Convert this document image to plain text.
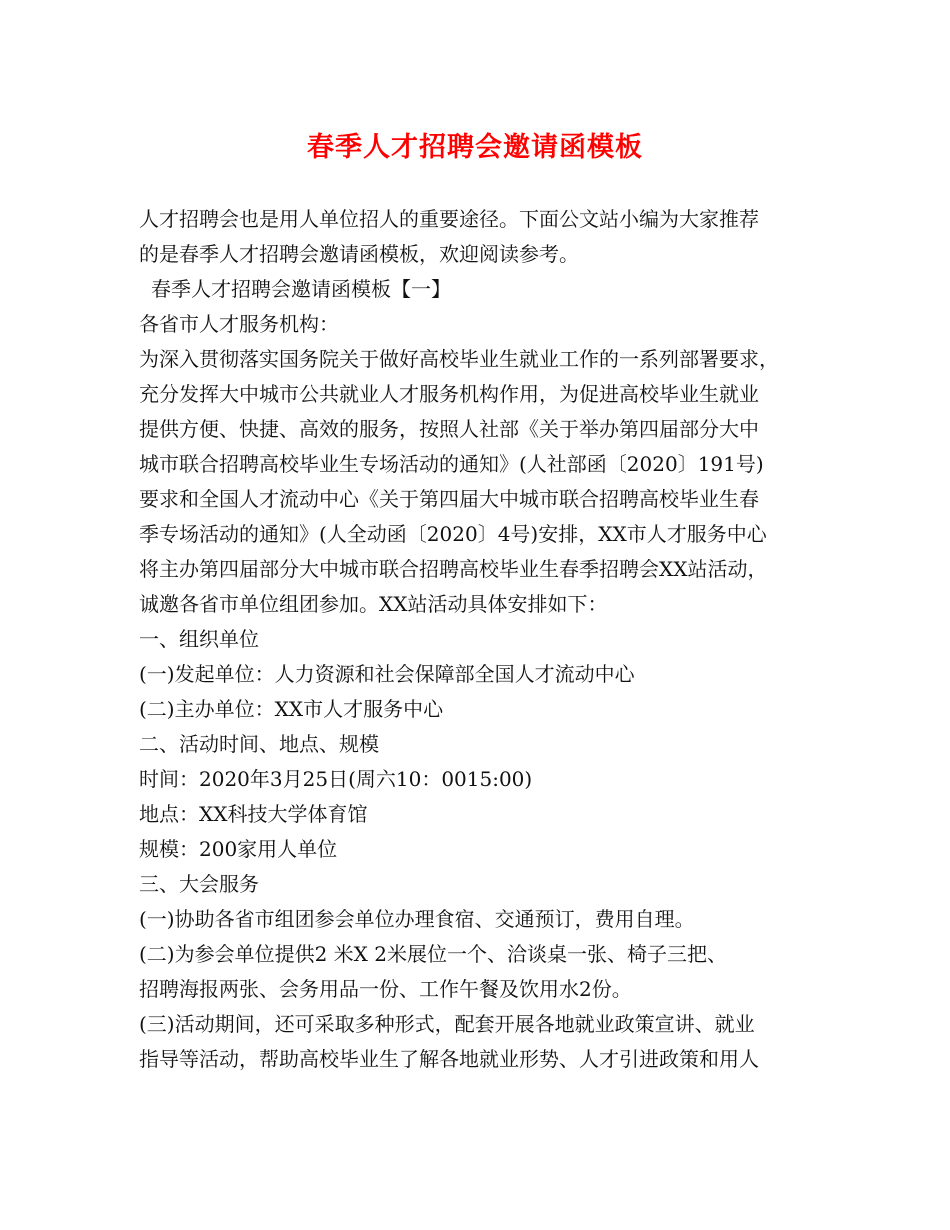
春季人才招聘会邀请函模板
人才招聘会也是用人单位招人的重要途径。下面公文站小编为大家推荐
的是春季人才招聘会邀请函模板，欢迎阅读参考。
春季人才招聘会邀请函模板【一】
各省市人才服务机构：
为深入贯彻落实国务院关于做好高校毕业生就业工作的一系列部署要求，
充分发挥大中城市公共就业人才服务机构作用，为促进高校毕业生就业
提供方便、快捷、高效的服务，按照人社部《关于举办第四届部分大中
城市联合招聘高校毕业生专场活动的通知》(人社部函〔2020〕191号)
要求和全国人才流动中心《关于第四届大中城市联合招聘高校毕业生春
季专场活动的通知》(人全动函〔2020〕4号)安排，XX市人才服务中心
将主办第四届部分大中城市联合招聘高校毕业生春季招聘会XX站活动，
诚邀各省市单位组团参加。XX站活动具体安排如下：
一、组织单位
(一)发起单位：人力资源和社会保障部全国人才流动中心
(二)主办单位：XX市人才服务中心
二、活动时间、地点、规模
时间：2020年3月25日(周六10：0015:00)
地点：XX科技大学体育馆
规模：200家用人单位
三、大会服务
(一)协助各省市组团参会单位办理食宿、交通预订，费用自理。
(二)为参会单位提供2 米X 2米展位一个、洽谈桌一张、椅子三把、
招聘海报两张、会务用品一份、工作午餐及饮用水2份。
(三)活动期间，还可采取多种形式，配套开展各地就业政策宣讲、就业
指导等活动，帮助高校毕业生了解各地就业形势、人才引进政策和用人
